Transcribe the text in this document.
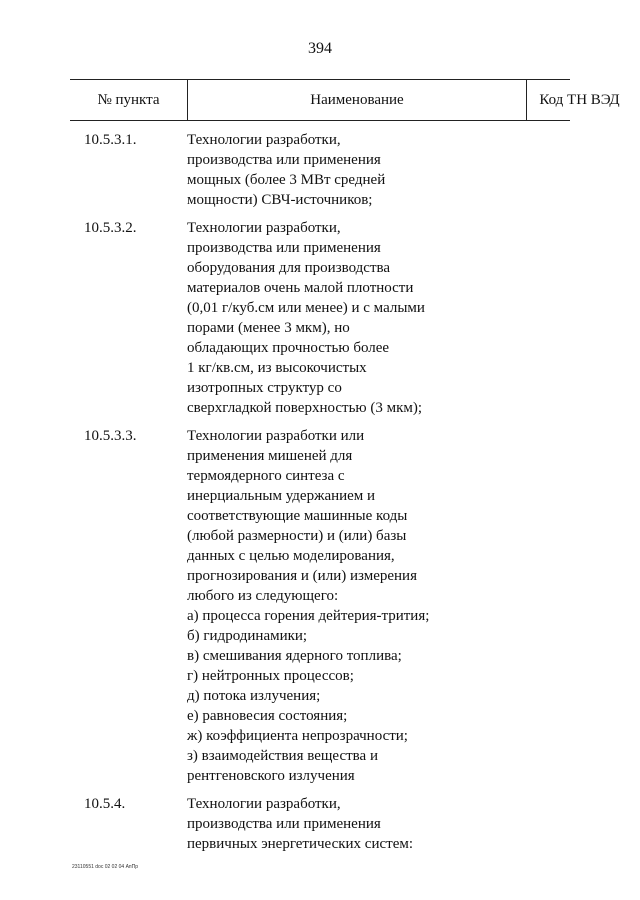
394
№ пункта	Наименование	Код ТН ВЭД
10.5.3.1.	Технологии разработки,
производства или применения
мощных (более 3 МВт средней
мощности) СВЧ-источников;
10.5.3.2.	Технологии разработки,
производства или применения
оборудования для производства
материалов очень малой плотности
(0,01 г/куб.см или менее) и с малыми
порами (менее 3 мкм), но
обладающих прочностью более
1 кг/кв.см, из высокочистых
изотропных структур со
сверхгладкой поверхностью (3 мкм);
10.5.3.3.	Технологии разработки или
применения мишеней для
термоядерного синтеза с
инерциальным удержанием и
соответствующие машинные коды
(любой размерности) и (или) базы
данных с целью моделирования,
прогнозирования и (или) измерения
любого из следующего:
а) процесса горения дейтерия-трития;
б) гидродинамики;
в) смешивания ядерного топлива;
г) нейтронных процессов;
д) потока излучения;
е) равновесия состояния;
ж) коэффициента непрозрачности;
з) взаимодействия вещества и
рентгеновского излучения
10.5.4.	Технологии разработки,
производства или применения
первичных энергетических систем:
23110551 doc 02 02 04 АпПр
